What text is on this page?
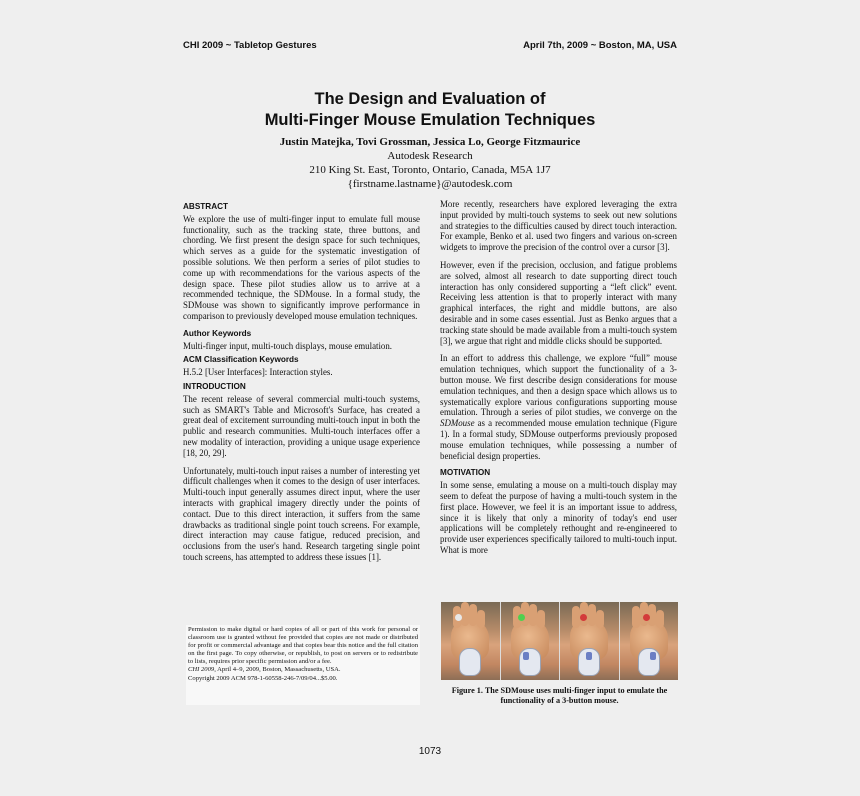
CHI 2009 ~ Tabletop Gestures	April 7th, 2009 ~ Boston, MA, USA
The Design and Evaluation of
Multi-Finger Mouse Emulation Techniques
Justin Matejka, Tovi Grossman, Jessica Lo, George Fitzmaurice
Autodesk Research
210 King St. East, Toronto, Ontario, Canada, M5A 1J7
{firstname.lastname}@autodesk.com
ABSTRACT

We explore the use of multi-finger input to emulate full mouse functionality, such as the tracking state, three buttons, and chording. We first present the design space for such techniques, which serves as a guide for the systematic investigation of possible solutions. We then perform a series of pilot studies to come up with recommendations for the various aspects of the design space. These pilot studies allow us to arrive at a recommended technique, the SDMouse. In a formal study, the SDMouse was shown to significantly improve performance in comparison to previously developed mouse emulation techniques.

Author Keywords

Multi-finger input, multi-touch displays, mouse emulation.

ACM Classification Keywords

H.5.2 [User Interfaces]: Interaction styles.

INTRODUCTION

The recent release of several commercial multi-touch systems, such as SMART's Table and Microsoft's Surface, has created a great deal of excitement surrounding multi-touch input in both the public and research communities. Multi-touch interfaces offer a new modality of interaction, providing a unique usage experience [18, 20, 29].

Unfortunately, multi-touch input raises a number of interesting yet difficult challenges when it comes to the design of user interfaces. Multi-touch input generally assumes direct input, where the user interacts with graphical imagery directly under the points of contact. Due to this direct interaction, it suffers from the same drawbacks as traditional single point touch screens. For example, direct interaction may cause fatigue, reduced precision, and occlusions from the user's hand. Research targeting single point touch screens, has attempted to address these issues [1].

Permission to make digital or hard copies of all or part of this work for personal or classroom use is granted without fee provided that copies are not made or distributed for profit or commercial advantage and that copies bear this notice and the full citation on the first page. To copy otherwise, or republish, to post on servers or to redistribute to lists, requires prior specific permission and/or a fee.
CHI 2009, April 4–9, 2009, Boston, Massachusetts, USA.
Copyright 2009 ACM 978-1-60558-246-7/09/04...$5.00.

More recently, researchers have explored leveraging the extra input provided by multi-touch systems to seek out new solutions and strategies to the difficulties caused by direct touch interaction. For example, Benko et al. used two fingers and various on-screen widgets to improve the precision of the control over a cursor [3].

However, even if the precision, occlusion, and fatigue problems are solved, almost all research to date supporting direct touch interaction has only considered supporting a “left click” event. Receiving less attention is that to properly interact with many graphical interfaces, the right and middle buttons, are also desirable and in some cases essential. Just as Benko argues that a tracking state should be made available from a multi-touch system [3], we argue that right and middle clicks should be supported.

In an effort to address this challenge, we explore “full” mouse emulation techniques, which support the functionality of a 3-button mouse. We first describe design considerations for mouse emulation techniques, and then a design space which allows us to systematically explore various configurations supporting mouse emulation. Through a series of pilot studies, we converge on the SDMouse as a recommended mouse emulation technique (Figure 1). In a formal study, SDMouse outperforms previously proposed mouse emulation techniques, while possessing a number of beneficial design properties.

MOTIVATION

In some sense, emulating a mouse on a multi-touch display may seem to defeat the purpose of having a multi-touch system in the first place. However, we feel it is an important issue to address, since it is likely that only a minority of today's end user applications will be completely rethought and re-engineered to provide user experiences specifically tailored to multi-touch input. What is more

Figure 1. The SDMouse uses multi-finger input to emulate the functionality of a 3-button mouse.
1073
